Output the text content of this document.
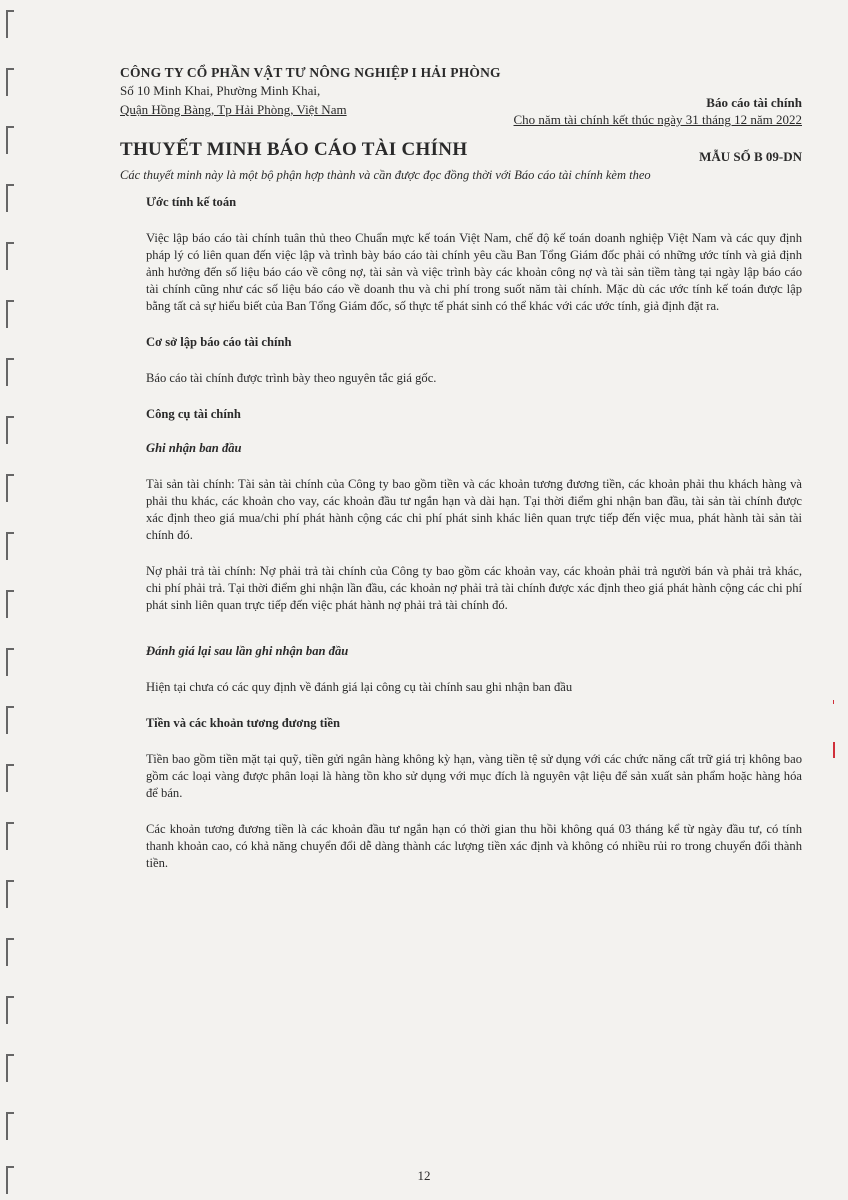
CÔNG TY CỔ PHẦN VẬT TƯ NÔNG NGHIỆP I HẢI PHÒNG
Số 10 Minh Khai, Phường Minh Khai,
Quận Hồng Bàng, Tp Hải Phòng, Việt Nam	Báo cáo tài chính
Cho năm tài chính kết thúc ngày 31 tháng 12 năm 2022
THUYẾT MINH BÁO CÁO TÀI CHÍNH	MẪU SỐ B 09-DN
Các thuyết minh này là một bộ phận hợp thành và cần được đọc đồng thời với Báo cáo tài chính kèm theo

Ước tính kế toán

Việc lập báo cáo tài chính tuân thủ theo Chuẩn mực kế toán Việt Nam, chế độ kế toán doanh nghiệp Việt Nam và các quy định pháp lý có liên quan đến việc lập và trình bày báo cáo tài chính yêu cầu Ban Tổng Giám đốc phải có những ước tính và giả định ảnh hưởng đến số liệu báo cáo về công nợ, tài sản và việc trình bày các khoản công nợ và tài sản tiềm tàng tại ngày lập báo cáo tài chính cũng như các số liệu báo cáo về doanh thu và chi phí trong suốt năm tài chính. Mặc dù các ước tính kế toán được lập bằng tất cả sự hiểu biết của Ban Tổng Giám đốc, số thực tế phát sinh có thể khác với các ước tính, giả định đặt ra.

Cơ sở lập báo cáo tài chính

Báo cáo tài chính được trình bày theo nguyên tắc giá gốc.

Công cụ tài chính

Ghi nhận ban đầu

Tài sản tài chính: Tài sản tài chính của Công ty bao gồm tiền và các khoản tương đương tiền, các khoản phải thu khách hàng và phải thu khác, các khoản cho vay, các khoản đầu tư ngắn hạn và dài hạn. Tại thời điểm ghi nhận ban đầu, tài sản tài chính được xác định theo giá mua/chi phí phát hành cộng các chi phí phát sinh khác liên quan trực tiếp đến việc mua, phát hành tài sản tài chính đó.

Nợ phải trả tài chính: Nợ phải trả tài chính của Công ty bao gồm các khoản vay, các khoản phải trả người bán và phải trả khác, chi phí phải trả. Tại thời điểm ghi nhận lần đầu, các khoản nợ phải trả tài chính được xác định theo giá phát hành cộng các chi phí phát sinh liên quan trực tiếp đến việc phát hành nợ phải trả tài chính đó.

Đánh giá lại sau lần ghi nhận ban đầu

Hiện tại chưa có các quy định về đánh giá lại công cụ tài chính sau ghi nhận ban đầu

Tiền và các khoản tương đương tiền

Tiền bao gồm tiền mặt tại quỹ, tiền gửi ngân hàng không kỳ hạn, vàng tiền tệ sử dụng với các chức năng cất trữ giá trị không bao gồm các loại vàng được phân loại là hàng tồn kho sử dụng với mục đích là nguyên vật liệu để sản xuất sản phẩm hoặc hàng hóa để bán.

Các khoản tương đương tiền là các khoản đầu tư ngắn hạn có thời gian thu hồi không quá 03 tháng kể từ ngày đầu tư, có tính thanh khoản cao, có khả năng chuyển đổi dễ dàng thành các lượng tiền xác định và không có nhiều rủi ro trong chuyển đổi thành tiền.

12
